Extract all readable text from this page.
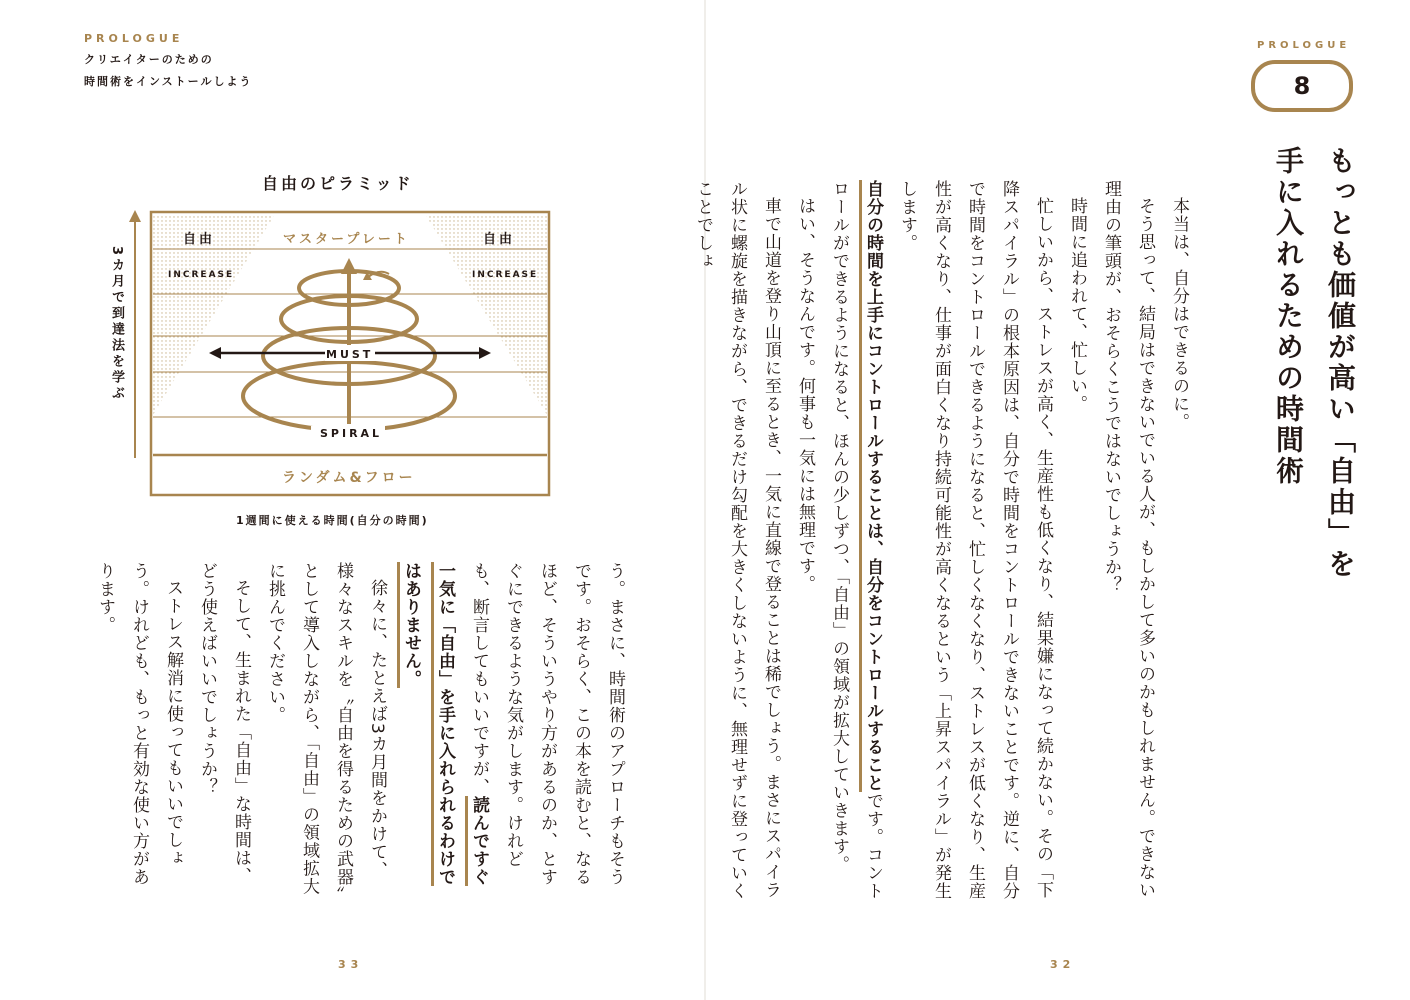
PROLOGUE
クリエイターのための
時間術をインストールしよう
自由のピラミッド
3カ月で到達法を学ぶ
自由	マスタープレート	自由
INCREASE	INCREASE
MUST
SPIRAL
ランダム&フロー
1週間に使える時間(自分の時間)

う。まさに、時間術のアプローチもそうです。おそらく、この本を読むと、なるほど、そういうやり方があるのか、とすぐにできるような気がします。けれども、断言してもいいですが、読んですぐ一気に「自由」を手に入れられるわけではありません。

徐々に、たとえば3カ月間をかけて、様々なスキルを〝自由を得るための武器〟として導入しながら、「自由」の領域拡大に挑んでください。

そして、生まれた「自由」な時間は、どう使えばいいでしょうか？

ストレス解消に使ってもいいでしょう。けれども、もっと有効な使い方があります。

33
PROLOGUE
8
もっとも価値が高い「自由」を手に入れるための時間術

本当は、自分はできるのに。

そう思って、結局はできないでいる人が、もしかして多いのかもしれません。できない理由の筆頭が、おそらくこうではないでしょうか？

時間に追われて、忙しい。

忙しいから、ストレスが高く、生産性も低くなり、結果嫌になって続かない。その「下降スパイラル」の根本原因は、自分で時間をコントロールできないことです。逆に、自分で時間をコントロールできるようになると、忙しくなくなり、ストレスが低くなり、生産性が高くなり、仕事が面白くなり持続可能性が高くなるという「上昇スパイラル」が発生します。

自分の時間を上手にコントロールすることは、自分をコントロールすることです。コントロールができるようになると、ほんの少しずつ、「自由」の領域が拡大していきます。

はい、そうなんです。何事も一気には無理です。

車で山道を登り山頂に至るとき、一気に直線で登ることは稀でしょう。まさにスパイラル状に螺旋を描きながら、できるだけ勾配を大きくしないように、無理せずに登っていくことでしょ

32
